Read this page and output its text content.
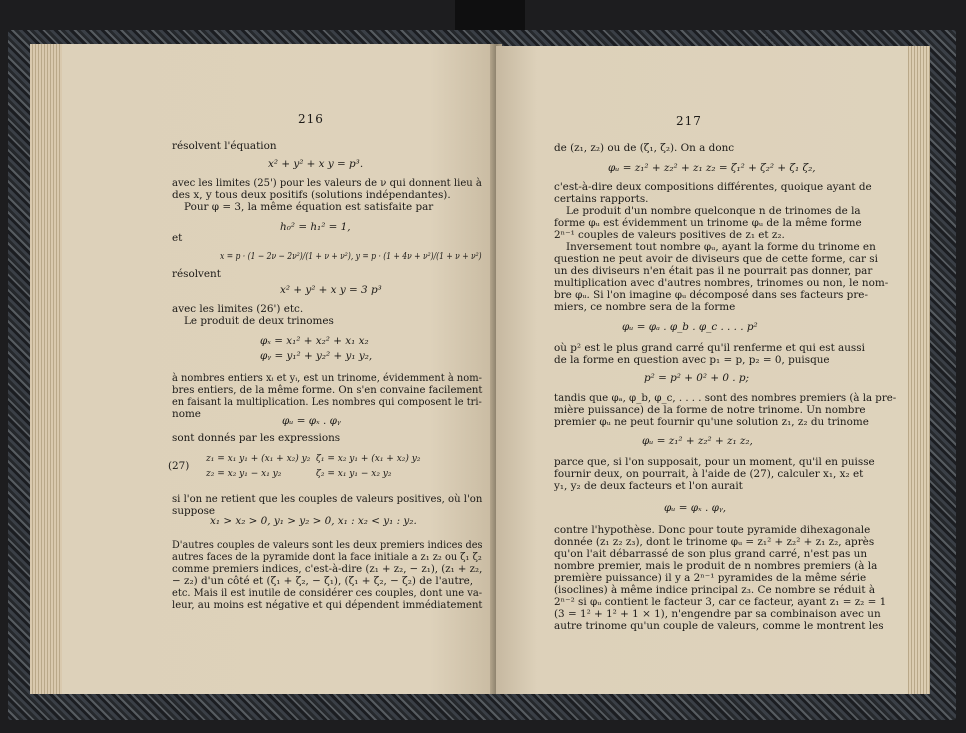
216
résolvent l'équation
x² + y² + x y = p³.
avec les limites (25') pour les valeurs de ν qui donnent lieu à
des x, y tous deux positifs (solutions indépendantes).
Pour φ = 3, la même équation est satisfaite par
h₀² = h₁² = 1,
et
x = p · (1 − 2ν − 2ν²)/(1 + ν + ν²), y = p · (1 + 4ν + ν²)/(1 + ν + ν²)
résolvent
x² + y² + x y = 3 p³
avec les limites (26') etc.
Le produit de deux trinomes
φₓ = x₁² + x₂² + x₁ x₂
φᵧ = y₁² + y₂² + y₁ y₂,
à nombres entiers xᵢ et yᵢ, est un trinome, évidemment à nom-
bres entiers, de la même forme. On s'en convaine facilement
en faisant la multiplication. Les nombres qui composent le tri-
nome
φᵤ = φₓ . φᵧ
sont donnés par les expressions
(27)
z₁ = x₁ y₁ + (x₁ + x₂) y₂
z₂ = x₂ y₁ − x₁ y₂
ζ₁ = x₂ y₁ + (x₁ + x₂) y₂
ζ₂ = x₁ y₁ − x₂ y₂
si l'on ne retient que les couples de valeurs positives, où l'on
suppose
x₁ > x₂ > 0, y₁ > y₂ > 0, x₁ : x₂ < y₁ : y₂.
D'autres couples de valeurs sont les deux premiers indices des
autres faces de la pyramide dont la face initiale a z₁ z₂ ou ζ₁ ζ₂
comme premiers indices, c'est-à-dire (z₁ + z₂, − z₁), (z₁ + z₂,
− z₂) d'un côté et (ζ₁ + ζ₂, − ζ₁), (ζ₁ + ζ₂, − ζ₂) de l'autre,
etc. Mais il est inutile de considérer ces couples, dont une va-
leur, au moins est négative et qui dépendent immédiatement
217
de (z₁, z₂) ou de (ζ₁, ζ₂). On a donc
φᵤ = z₁² + z₂² + z₁ z₂ = ζ₁² + ζ₂² + ζ₁ ζ₂,
c'est-à-dire deux compositions différentes, quoique ayant de
certains rapports.
Le produit d'un nombre quelconque n de trinomes de la
forme φᵤ est évidemment un trinome φᵤ de la même forme
2ⁿ⁻¹ couples de valeurs positives de z₁ et z₂.
Inversement tout nombre φᵤ, ayant la forme du trinome en
question ne peut avoir de diviseurs que de cette forme, car si
un des diviseurs n'en était pas il ne pourrait pas donner, par
multiplication avec d'autres nombres, trinomes ou non, le nom-
bre φᵤ. Si l'on imagine φᵤ décomposé dans ses facteurs pre-
miers, ce nombre sera de la forme
φᵤ = φₐ . φ_b . φ_c . . . . p²
où p² est le plus grand carré qu'il renferme et qui est aussi
de la forme en question avec p₁ = p, p₂ = 0, puisque
p² = p² + 0² + 0 . p;
tandis que φₐ, φ_b, φ_c, . . . . sont des nombres premiers (à la pre-
mière puissance) de la forme de notre trinome. Un nombre
premier φᵤ ne peut fournir qu'une solution z₁, z₂ du trinome
φᵤ = z₁² + z₂² + z₁ z₂,
parce que, si l'on supposait, pour un moment, qu'il en puisse
fournir deux, on pourrait, à l'aide de (27), calculer x₁, x₂ et
y₁, y₂ de deux facteurs et l'on aurait
φᵤ = φₓ . φᵧ,
contre l'hypothèse. Donc pour toute pyramide dihexagonale
donnée (z₁ z₂ z₃), dont le trinome φᵤ = z₁² + z₂² + z₁ z₂, après
qu'on l'ait débarrassé de son plus grand carré, n'est pas un
nombre premier, mais le produit de n nombres premiers (à la
première puissance) il y a 2ⁿ⁻¹ pyramides de la même série
(isoclines) à même indice principal z₃. Ce nombre se réduit à
2ⁿ⁻² si φᵤ contient le facteur 3, car ce facteur, ayant z₁ = z₂ = 1
(3 = 1² + 1² + 1 × 1), n'engendre par sa combinaison avec un
autre trinome qu'un couple de valeurs, comme le montrent les
